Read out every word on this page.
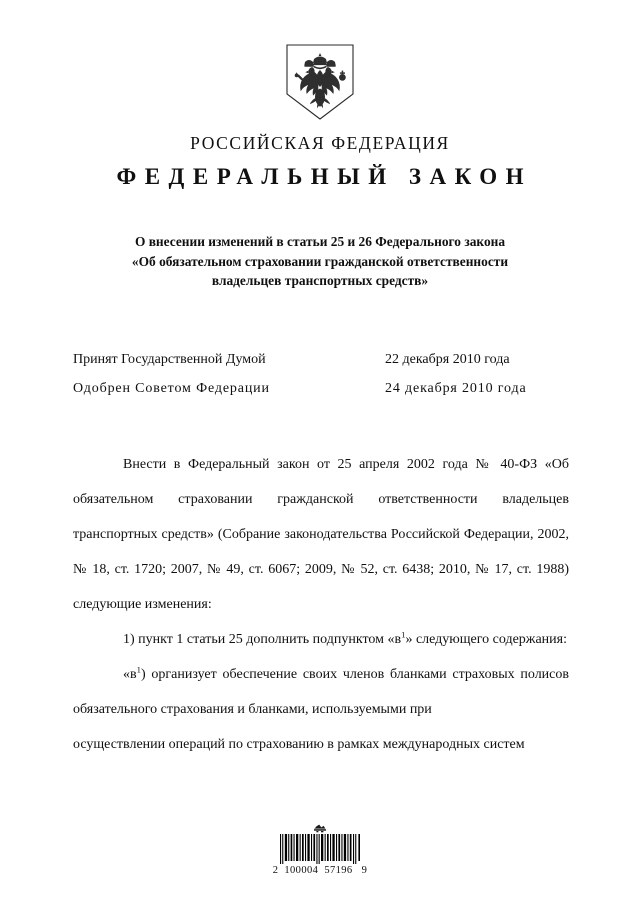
РОССИЙСКАЯ ФЕДЕРАЦИЯ
ФЕДЕРАЛЬНЫЙ ЗАКОН
О внесении изменений в статьи 25 и 26 Федерального закона
«Об обязательном страховании гражданской ответственности
владельцев транспортных средств»
Принят Государственной Думой	22 декабря 2010 года
Одобрен Советом Федерации	24 декабря 2010 года

Внести в Федеральный закон от 25 апреля 2002 года № 40-ФЗ «Об обязательном страховании гражданской ответственности владельцев транспортных средств» (Собрание законодательства Российской Федерации, 2002, № 18, ст. 1720; 2007, № 49, ст. 6067; 2009, № 52, ст. 6438; 2010, № 17, ст. 1988) следующие изменения:

1) пункт 1 статьи 25 дополнить подпунктом «$в^1$» следующего содержания:

«$в^1$) организует обеспечение своих членов бланками страховых полисов обязательного страхования и бланками, используемыми при

осуществлении операций по страхованию в рамках международных систем

2  100004  57196   9
